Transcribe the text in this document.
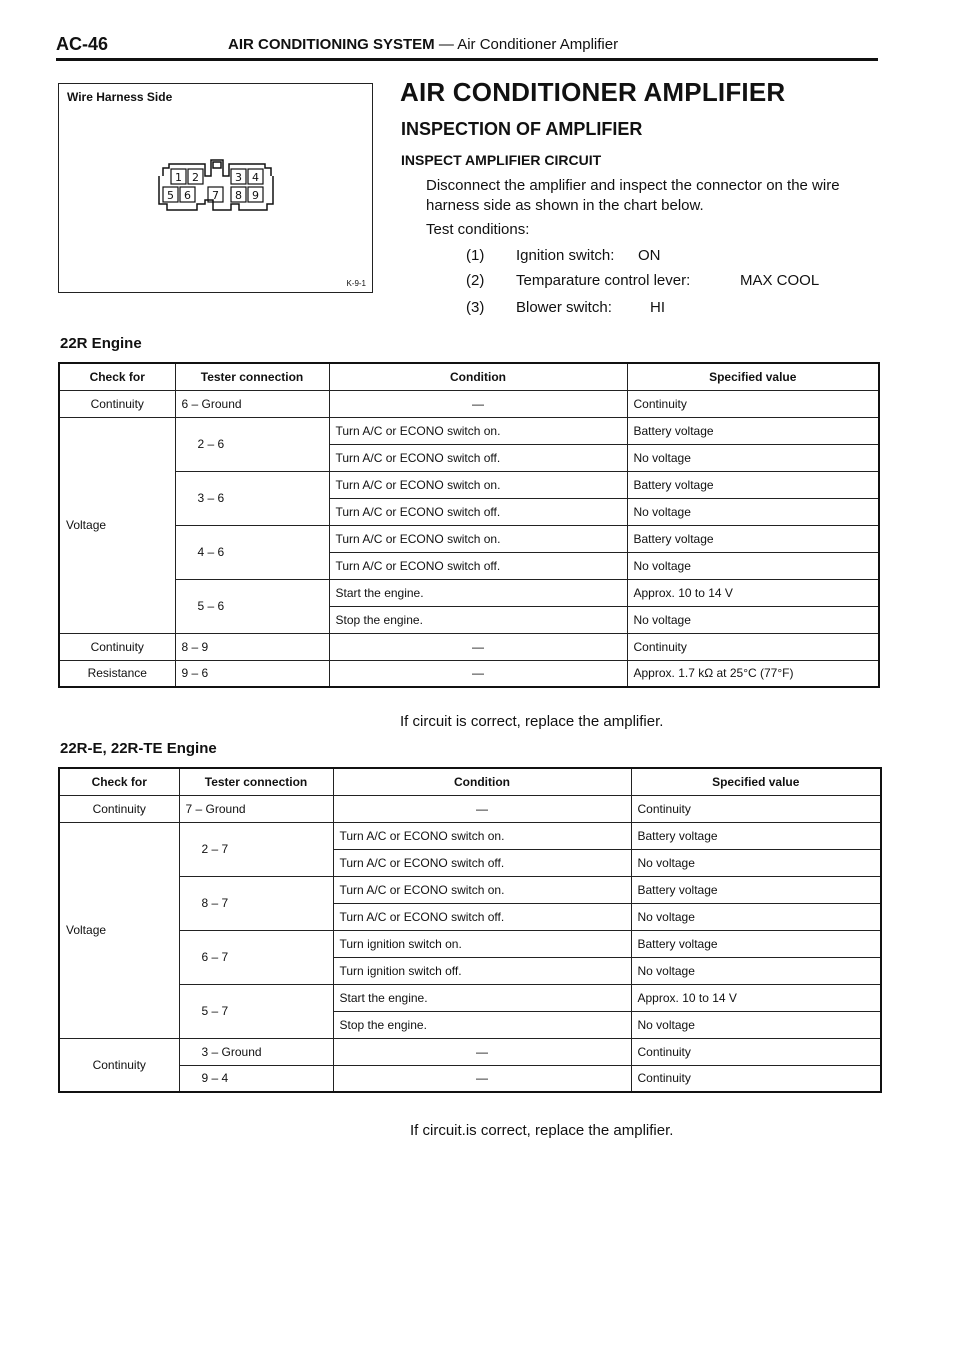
AC-46	AIR CONDITIONING SYSTEM — Air Conditioner Amplifier
Wire Harness Side
1 2	3 4
5 6 7 8 9
K-9-1
AIR CONDITIONER AMPLIFIER
INSPECTION OF AMPLIFIER
INSPECT AMPLIFIER CIRCUIT
Disconnect the amplifier and inspect the connector on the wire harness side as shown in the chart below.
Test conditions:
(1) Ignition switch: ON
(2) Temparature control lever:	MAX COOL
(3) Blower switch:	HI
22R Engine
Check for	Tester connection	Condition	Specified value
Continuity	6 – Ground	—	Continuity
Voltage	2 – 6	Turn A/C or ECONO switch on.	Battery voltage
		Turn A/C or ECONO switch off.	No voltage
	3 – 6	Turn A/C or ECONO switch on.	Battery voltage
		Turn A/C or ECONO switch off.	No voltage
	4 – 6	Turn A/C or ECONO switch on.	Battery voltage
		Turn A/C or ECONO switch off.	No voltage
	5 – 6	Start the engine.	Approx. 10 to 14 V
		Stop the engine.	No voltage
Continuity	8 – 9	—	Continuity
Resistance	9 – 6	—	Approx. 1.7 kΩ at 25°C (77°F)
If circuit is correct, replace the amplifier.
22R-E, 22R-TE Engine
Check for	Tester connection	Condition	Specified value
Continuity	7 – Ground	—	Continuity
Voltage	2 – 7	Turn A/C or ECONO switch on.	Battery voltage
		Turn A/C or ECONO switch off.	No voltage
	8 – 7	Turn A/C or ECONO switch on.	Battery voltage
		Turn A/C or ECONO switch off.	No voltage
	6 – 7	Turn ignition switch on.	Battery voltage
		Turn ignition switch off.	No voltage
	5 – 7	Start the engine.	Approx. 10 to 14 V
		Stop the engine.	No voltage
Continuity	3 – Ground	—	Continuity
	9 – 4	—	Continuity
If circuit.is correct, replace the amplifier.
